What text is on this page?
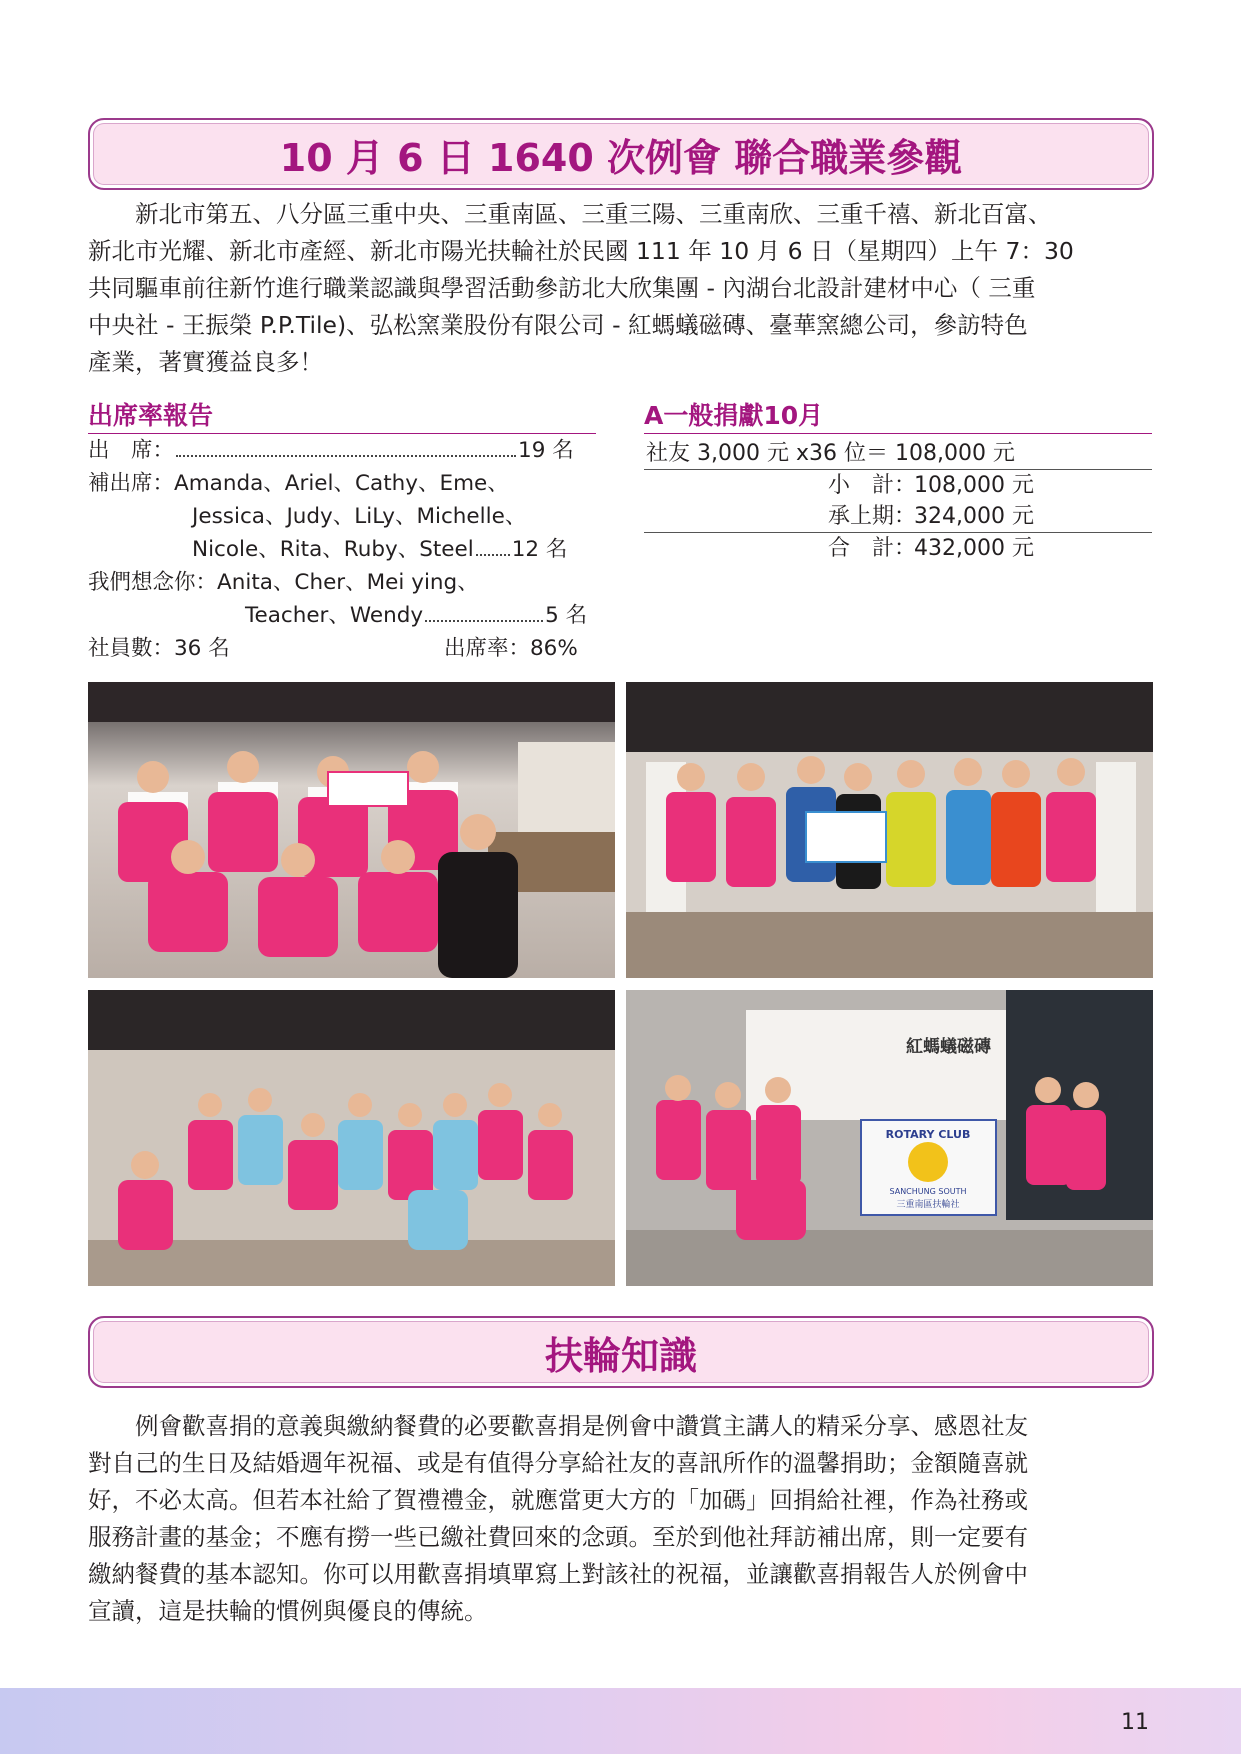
10 月 6 日 1640 次例會 聯合職業參觀

　　新北市第五、八分區三重中央、三重南區、三重三陽、三重南欣、三重千禧、新北百富、
新北市光耀、新北市產經、新北市陽光扶輪社於民國 111 年 10 月 6 日（星期四）上午 7：30
共同驅車前往新竹進行職業認識與學習活動參訪北大欣集團 - 內湖台北設計建材中心（ 三重
中央社 - 王振榮 P.P.Tile)、弘松窯業股份有限公司 - 紅螞蟻磁磚、臺華窯總公司，參訪特色
產業，著實獲益良多！

出席率報告
出　席：	19 名
補出席：Amanda、Ariel、Cathy、Eme、
Jessica、Judy、LiLy、Michelle、
Nicole、Rita、Ruby、Steel 12 名
我們想念你：Anita、Cher、Mei ying、
Teacher、Wendy	5 名
社員數：36 名	出席率：86%
A一般捐獻10月
社友 3,000 元 x36 位＝ 108,000 元
小　計：
108,000 元
承上期：
324,000 元
合　計：
432,000 元
紅螞蟻磁磚
ROTARY CLUB
SANCHUNG SOUTH
三重南區扶輪社
扶輪知識

　　例會歡喜捐的意義與繳納餐費的必要歡喜捐是例會中讚賞主講人的精采分享、感恩社友
對自己的生日及結婚週年祝福、或是有值得分享給社友的喜訊所作的溫馨捐助；金額隨喜就
好，不必太高。但若本社給了賀禮禮金，就應當更大方的「加碼」回捐給社裡，作為社務或
服務計畫的基金；不應有撈一些已繳社費回來的念頭。至於到他社拜訪補出席，則一定要有
繳納餐費的基本認知。你可以用歡喜捐填單寫上對該社的祝福，並讓歡喜捐報告人於例會中
宣讀，這是扶輪的慣例與優良的傳統。

11
